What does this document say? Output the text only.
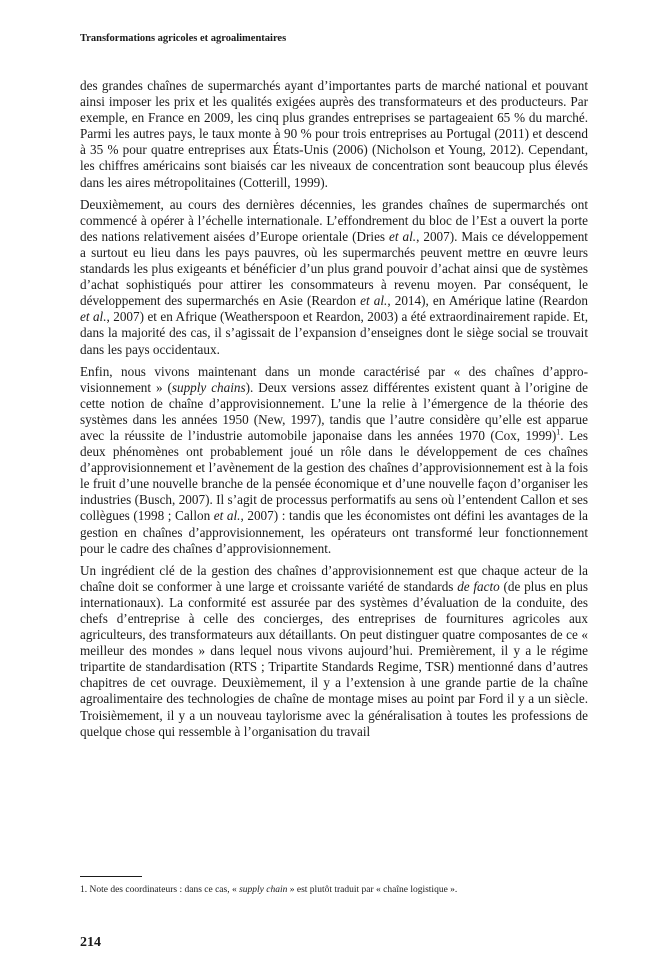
Transformations agricoles et agroalimentaires

des grandes chaînes de supermarchés ayant d’importantes parts de marché national et pouvant ainsi imposer les prix et les qualités exigées auprès des transformateurs et des producteurs. Par exemple, en France en 2009, les cinq plus grandes entreprises se partageaient 65 % du marché. Parmi les autres pays, le taux monte à 90 % pour trois entreprises au Portugal (2011) et descend à 35 % pour quatre entreprises aux États-Unis (2006) (Nicholson et Young, 2012). Cependant, les chiffres américains sont biaisés car les niveaux de concentration sont beaucoup plus élevés dans les aires métropolitaines (Cotterill, 1999).

Deuxièmement, au cours des dernières décennies, les grandes chaînes de supermarchés ont commencé à opérer à l’échelle internationale. L’effondrement du bloc de l’Est a ouvert la porte des nations relativement aisées d’Europe orientale (Dries et al., 2007). Mais ce développement a surtout eu lieu dans les pays pauvres, où les supermarchés peuvent mettre en œuvre leurs standards les plus exigeants et bénéficier d’un plus grand pouvoir d’achat ainsi que de systèmes d’achat sophistiqués pour attirer les consommateurs à revenu moyen. Par conséquent, le développement des supermarchés en Asie (Reardon et al., 2014), en Amérique latine (Reardon et al., 2007) et en Afrique (Weatherspoon et Reardon, 2003) a été extraordinairement rapide. Et, dans la majorité des cas, il s’agissait de l’expansion d’enseignes dont le siège social se trouvait dans les pays occidentaux.

Enfin, nous vivons maintenant dans un monde caractérisé par « des chaînes d’approvisionnement » (supply chains). Deux versions assez différentes existent quant à l’origine de cette notion de chaîne d’approvisionnement. L’une la relie à l’émergence de la théorie des systèmes dans les années 1950 (New, 1997), tandis que l’autre considère qu’elle est apparue avec la réussite de l’industrie automobile japonaise dans les années 1970 (Cox, 1999)$^1$. Les deux phénomènes ont probablement joué un rôle dans le développement de ces chaînes d’approvisionnement et l’avènement de la gestion des chaînes d’approvisionnement est à la fois le fruit d’une nouvelle branche de la pensée économique et d’une nouvelle façon d’organiser les industries (Busch, 2007). Il s’agit de processus performatifs au sens où l’entendent Callon et ses collègues (1998 ; Callon et al., 2007) : tandis que les économistes ont défini les avantages de la gestion en chaînes d’approvisionnement, les opérateurs ont transformé leur fonctionnement pour le cadre des chaînes d’approvisionnement.

Un ingrédient clé de la gestion des chaînes d’approvisionnement est que chaque acteur de la chaîne doit se conformer à une large et croissante variété de standards de facto (de plus en plus internationaux). La conformité est assurée par des systèmes d’évaluation de la conduite, des chefs d’entreprise à celle des concierges, des entreprises de fournitures agricoles aux agriculteurs, des transformateurs aux détaillants. On peut distinguer quatre composantes de ce « meilleur des mondes » dans lequel nous vivons aujourd’hui. Premièrement, il y a le régime tripartite de standardisation (RTS ; Tripartite Standards Regime, TSR) mentionné dans d’autres chapitres de cet ouvrage. Deuxièmement, il y a l’extension à une grande partie de la chaîne agroalimentaire des technologies de chaîne de montage mises au point par Ford il y a un siècle. Troisièmement, il y a un nouveau taylorisme avec la généralisation à toutes les professions de quelque chose qui ressemble à l’organisation du travail

1. Note des coordinateurs : dans ce cas, « supply chain » est plutôt traduit par « chaîne logistique ».
214
